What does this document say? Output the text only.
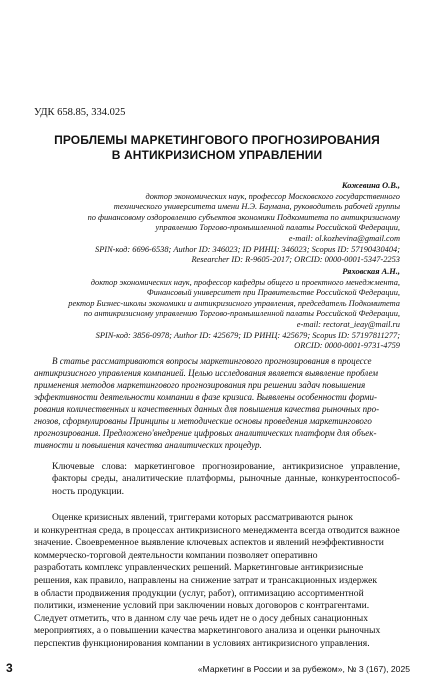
УДК 658.85, 334.025
ПРОБЛЕМЫ МАРКЕТИНГОВОГО ПРОГНОЗИРОВАНИЯ
В АНТИКРИЗИСНОМ УПРАВЛЕНИИ
Кожевина О.В.,
доктор экономических наук, профессор Московского государственного
технического университета имени Н.Э. Баумана, руководитель рабочей группы
по финансовому оздоровлению субъектов экономики Подкомитета по антикризисному
управлению Торгово-промышленной палаты Российской Федерации,
e-mail: ol.kozhevina@gmail.com
SPIN-код: 6696-6538; Author ID: 346023; ID РИНЦ: 346023; Scopus ID: 57190430404;
Researcher ID: R-9605-2017; ORCID: 0000-0001-5347-2253
Ряховская А.Н.,
доктор экономических наук, профессор кафедры общего и проектного менеджмента,
Финансовый университет при Правительстве Российской Федерации,
ректор Бизнес-школы экономики и антикризисного управления, председатель Подкомитета
по антикризисному управлению Торгово-промышленной палаты Российской Федерации,
e-mail: rectorat_ieay@mail.ru
SPIN-код: 3856-0978; Author ID: 425679; ID РИНЦ: 425679; Scopus ID: 57197811277;
ORCID: 0000-0001-9731-4759
В статье рассматриваются вопросы маркетингового прогнозирования в процессе
антикризисного управления компанией. Целью исследования является выявление проблем
применения методов маркетингового прогнозирования при решении задач повышения
эффективности деятельности компании в фазе кризиса. Выявлены особенности форми-
рования количественных и качественных данных для повышения качества рыночных про-
гнозов, сформулированы Принципы и методические основы проведения маркетингового
прогнозирования. Предложено'внедрение цифровых аналитических платформ для объек-
тивности и повышения качества аналитических процедур.
Ключевые слова: маркетинговое прогнозирование, антикризисное управление, факторы среды, аналитические платформы, рыночные данные, конкурентоспособ-ность продукции.
Оценке кризисных явлений, триггерами которых рассматриваются рынок
и конкурентная среда, в процессах антикризисного менеджмента всегда отводится важное
значение. Своевременное выявление ключевых аспектов и явлений неэффективности
коммерческо-торговой деятельности компании позволяет оперативно
разработать комплекс управленческих решений. Маркетинговые антикризисные
решения, как правило, направлены на снижение затрат и трансакционных издержек
в области продвижения продукции (услуг, работ), оптимизацию ассортиментной
политики, изменение условий при заключении новых договоров с контрагентами.
Следует отметить, что в данном слу чае речь идет не о досу дебных санационных
мероприятиях, а о повышении качества маркетингового анализа и оценки рыночных
перспектив функционирования компании в условиях антикризисного управления.
3	«Маркетинг в России и за рубежом», № 3 (167), 2025
